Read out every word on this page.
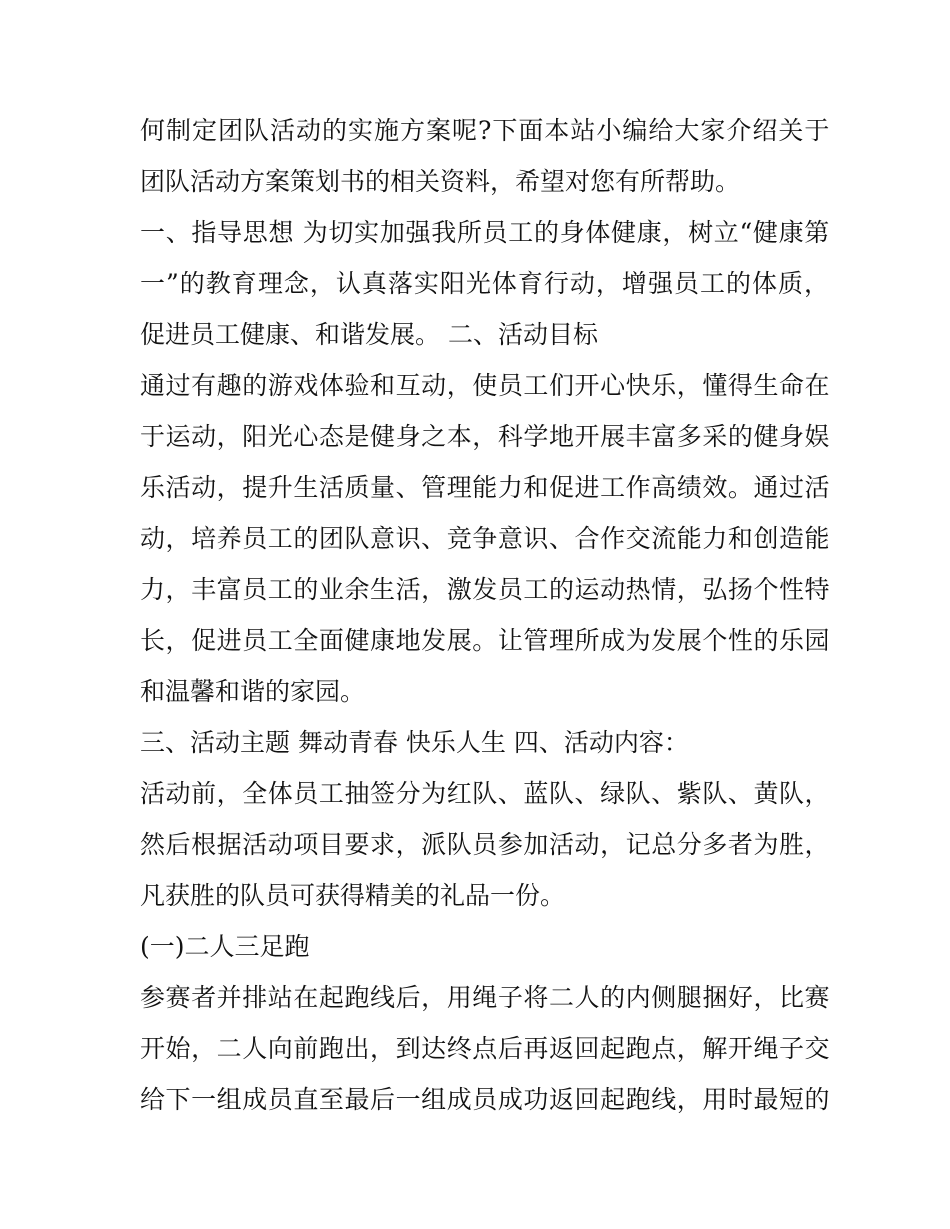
何制定团队活动的实施方案呢?下面本站小编给大家介绍关于
团队活动方案策划书的相关资料，希望对您有所帮助。
一、指导思想 为切实加强我所员工的身体健康，树立“健康第
一”的教育理念，认真落实阳光体育行动，增强员工的体质，
促进员工健康、和谐发展。 二、活动目标
通过有趣的游戏体验和互动，使员工们开心快乐，懂得生命在
于运动，阳光心态是健身之本，科学地开展丰富多采的健身娱
乐活动，提升生活质量、管理能力和促进工作高绩效。通过活
动，培养员工的团队意识、竞争意识、合作交流能力和创造能
力，丰富员工的业余生活，激发员工的运动热情，弘扬个性特
长，促进员工全面健康地发展。让管理所成为发展个性的乐园
和温馨和谐的家园。
三、活动主题 舞动青春 快乐人生 四、活动内容：
活动前，全体员工抽签分为红队、蓝队、绿队、紫队、黄队，
然后根据活动项目要求，派队员参加活动，记总分多者为胜，
凡获胜的队员可获得精美的礼品一份。
(一)二人三足跑
参赛者并排站在起跑线后，用绳子将二人的内侧腿捆好，比赛
开始，二人向前跑出，到达终点后再返回起跑点，解开绳子交
给下一组成员直至最后一组成员成功返回起跑线，用时最短的
